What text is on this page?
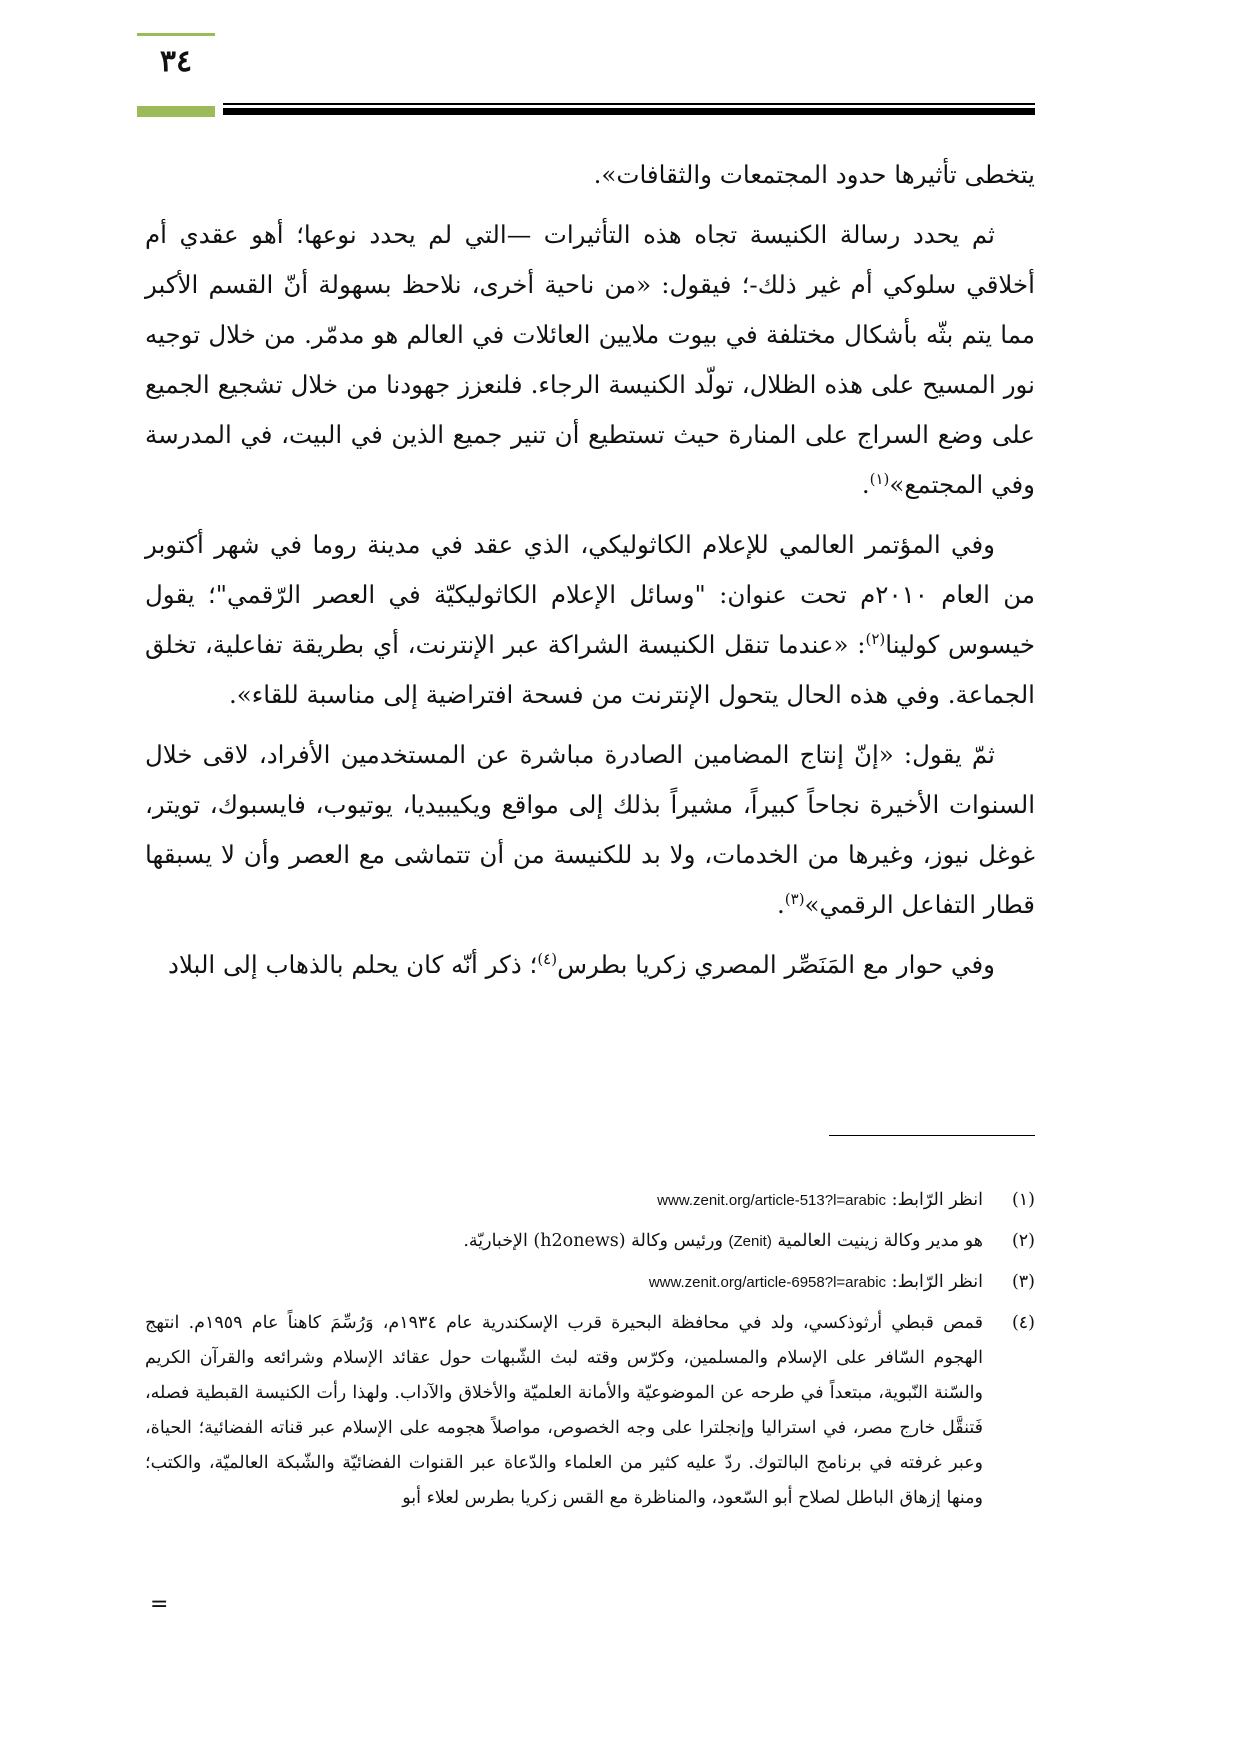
٣٤

يتخطى تأثيرها حدود المجتمعات والثقافات».

ثم يحدد رسالة الكنيسة تجاه هذه التأثيرات —التي لم يحدد نوعها؛ أهو عقدي أم أخلاقي سلوكي أم غير ذلك-؛ فيقول: «من ناحية أخرى، نلاحظ بسهولة أنّ القسم الأكبر مما يتم بثّه بأشكال مختلفة في بيوت ملايين العائلات في العالم هو مدمّر. من خلال توجيه نور المسيح على هذه الظلال، تولّد الكنيسة الرجاء. فلنعزز جهودنا من خلال تشجيع الجميع على وضع السراج على المنارة حيث تستطيع أن تنير جميع الذين في البيت، في المدرسة وفي المجتمع»$^{(١)}$.

وفي المؤتمر العالمي للإعلام الكاثوليكي، الذي عقد في مدينة روما في شهر أكتوبر من العام ٢٠١٠م تحت عنوان: "وسائل الإعلام الكاثوليكيّة في العصر الرّقمي"؛ يقول خيسوس كولينا$^{(٢)}$: «عندما تنقل الكنيسة الشراكة عبر الإنترنت، أي بطريقة تفاعلية، تخلق الجماعة. وفي هذه الحال يتحول الإنترنت من فسحة افتراضية إلى مناسبة للقاء».

ثمّ يقول: «إنّ إنتاج المضامين الصادرة مباشرة عن المستخدمين الأفراد، لاقى خلال السنوات الأخيرة نجاحاً كبيراً، مشيراً بذلك إلى مواقع ويكيبيديا، يوتيوب، فايسبوك، تويتر، غوغل نيوز، وغيرها من الخدمات، ولا بد للكنيسة من أن تتماشى مع العصر وأن لا يسبقها قطار التفاعل الرقمي»$^{(٣)}$.

وفي حوار مع المَنَصِّر المصري زكريا بطرس$^{(٤)}$؛ ذكر أنّه كان يحلم بالذهاب إلى البلاد

(١)
انظر الرّابط: www.zenit.org/article-513?l=arabic
(٢)
هو مدير وكالة زينيت العالمية (Zenit) ورئيس وكالة (h2onews) الإخباريّة.
(٣)
انظر الرّابط: www.zenit.org/article-6958?l=arabic
(٤)
قمص قبطي أرثوذكسي، ولد في محافظة البحيرة قرب الإسكندرية عام ١٩٣٤م، وَرُسِّمَ كاهناً عام ١٩٥٩م. انتهج الهجوم السّافر على الإسلام والمسلمين، وكرّس وقته لبث الشّبهات حول عقائد الإسلام وشرائعه والقرآن الكريم والسّنة النّبوية، مبتعداً في طرحه عن الموضوعيّة والأمانة العلميّة والأخلاق والآداب. ولهذا رأت الكنيسة القبطية فصله، فَتنقَّل خارج مصر، في استراليا وإنجلترا على وجه الخصوص، مواصلاً هجومه على الإسلام عبر قناته الفضائية؛ الحياة، وعبر غرفته في برنامج البالتوك. ردّ عليه كثير من العلماء والدّعاة عبر القنوات الفضائيّة والشّبكة العالميّة، والكتب؛ ومنها إزهاق الباطل لصلاح أبو السّعود، والمناظرة مع القس زكريا بطرس لعلاء أبو
=
